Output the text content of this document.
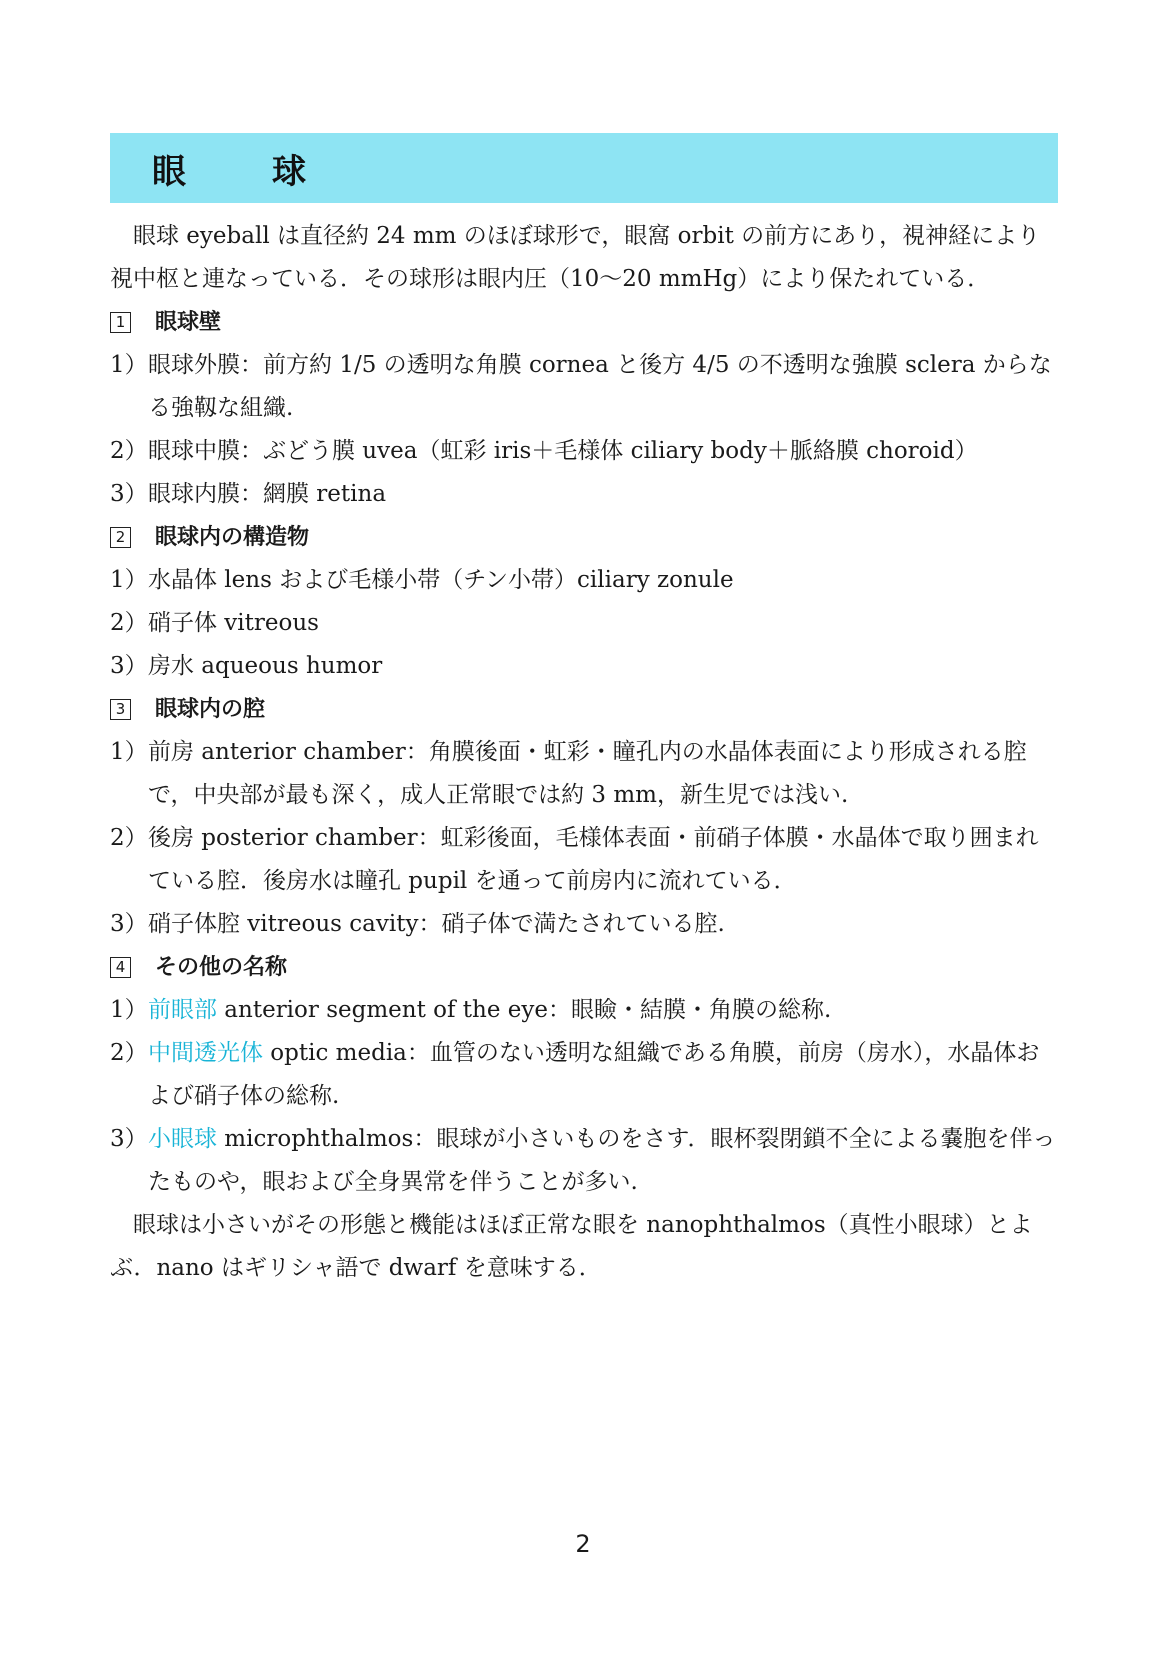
眼　球

眼球 eyeball は直径約 24 mm のほぼ球形で，眼窩 orbit の前方にあり，視神経により視中枢と連なっている．その球形は眼内圧（10〜20 mmHg）により保たれている．

1 眼球壁
1） 眼球外膜：前方約 1/5 の透明な角膜 cornea と後方 4/5 の不透明な強膜 sclera からなる強靱な組織.
2） 眼球中膜：ぶどう膜 uvea（虹彩 iris＋毛様体 ciliary body＋脈絡膜 choroid）
3） 眼球内膜：網膜 retina
2 眼球内の構造物
1） 水晶体 lens および毛様小帯（チン小帯）ciliary zonule
2） 硝子体 vitreous
3） 房水 aqueous humor
3 眼球内の腔
1） 前房 anterior chamber：角膜後面・虹彩・瞳孔内の水晶体表面により形成される腔で，中央部が最も深く，成人正常眼では約 3 mm，新生児では浅い.
2） 後房 posterior chamber：虹彩後面，毛様体表面・前硝子体膜・水晶体で取り囲まれている腔．後房水は瞳孔 pupil を通って前房内に流れている．
3） 硝子体腔 vitreous cavity：硝子体で満たされている腔.
4 その他の名称
1） 前眼部 anterior segment of the eye：眼瞼・結膜・角膜の総称.
2） 中間透光体 optic media：血管のない透明な組織である角膜，前房（房水），水晶体および硝子体の総称.
3） 小眼球 microphthalmos：眼球が小さいものをさす．眼杯裂閉鎖不全による嚢胞を伴ったものや，眼および全身異常を伴うことが多い.

眼球は小さいがその形態と機能はほぼ正常な眼を nanophthalmos（真性小眼球）とよぶ．nano はギリシャ語で dwarf を意味する．

2
